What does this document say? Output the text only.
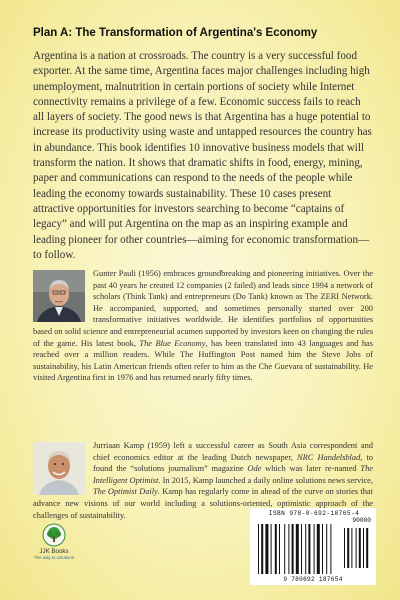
Plan A: The Transformation of Argentina's Economy

Argentina is a nation at crossroads. The country is a very successful food exporter. At the same time, Argentina faces major challenges including high unemployment, malnutrition in certain portions of society while Internet connectivity remains a privilege of a few. Economic success fails to reach all layers of society. The good news is that Argentina has a huge potential to increase its productivity using waste and untapped resources the country has in abundance. This book identifies 10 innovative business models that will transform the nation. It shows that dramatic shifts in food, energy, mining, paper and communications can respond to the needs of the people while leading the economy towards sustainability. These 10 cases present attractive opportunities for investors searching to become “captains of legacy” and will put Argentina on the map as an inspiring example and leading pioneer for other countries—aiming for economic transformation—to follow.

Gunter Pauli (1956) embraces groundbreaking and pioneering initiatives. Over the past 40 years he created 12 companies (2 failed) and leads since 1994 a network of scholars (Think Tank) and entrepreneurs (Do Tank) known as The ZERI Network. He accompanied, supported, and sometimes personally started over 200 transformative initiatives worldwide. He identifies portfolios of opportunities based on solid science and entrepreneurial acumen supported by investors keen on changing the rules of the game. His latest book, The Blue Economy, has been translated into 43 languages and has reached over a million readers. While The Huffington Post named him the Steve Jobs of sustainability, his Latin American friends often refer to him as the Che Guevara of sustainability. He visited Argentina first in 1976 and has returned nearly fifty times.

Jurriaan Kamp (1959) left a successful career as South Asia correspondent and chief economics editor at the leading Dutch newspaper, NRC Handelsblad, to found the “solutions journalism” magazine Ode which was later re-named The Intelligent Optimist. In 2015, Kamp launched a daily online solutions news service, The Optimist Daily. Kamp has regularly come in ahead of the curve on stories that advance new visions of our world including a solutions-oriented, optimistic approach of the challenges of sustainability.

JJK Books
The way to solutions
ISBN 978-0-692-18765-4
90000
9 780692 187654
